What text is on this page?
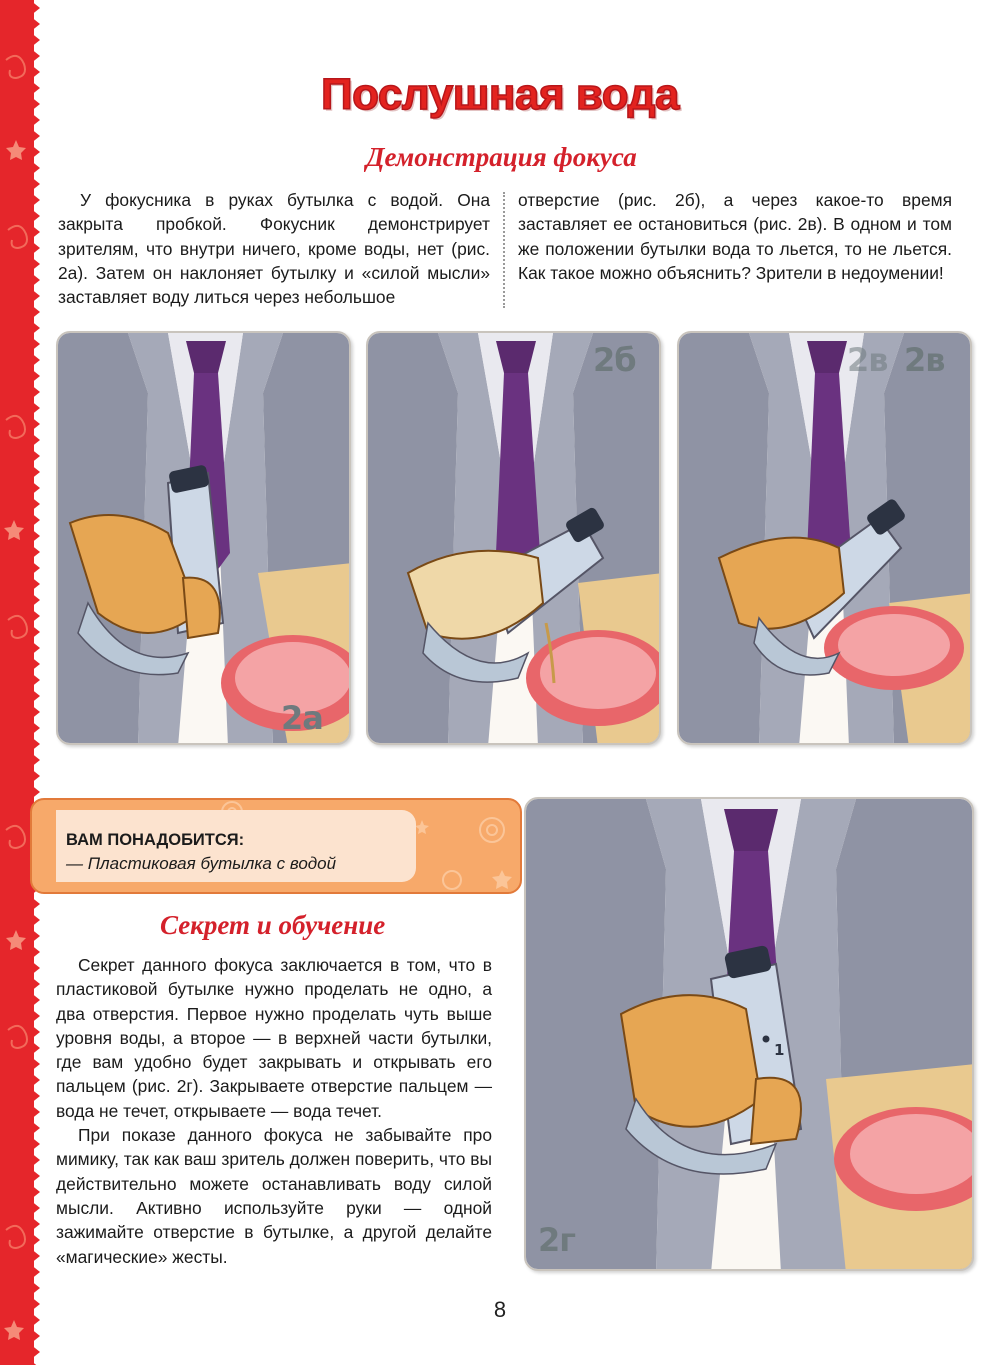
Послушная вода
Демонстрация фокуса

У фокусника в руках бутылка с водой. Она закрыта пробкой. Фокусник демонстрирует зрителям, что внутри ничего, кроме воды, нет (рис. 2а). Затем он наклоняет бутылку и «силой мысли» заставляет воду литься через небольшое

отверстие (рис. 2б), а через какое-то время заставляет ее остановиться (рис. 2в). В одном и том же положении бутылки вода то льется, то не льется. Как такое можно объяснить? Зрители в недоумении!

2а
2б	2в 2в
ВАМ ПОНАДОБИТСЯ:
— Пластиковая бутылка с водой
1
2г
Секрет и обучение

Секрет данного фокуса заключается в том, что в пластиковой бутылке нужно проделать не одно, а два отверстия. Первое нужно проделать чуть выше уровня воды, а второе — в верхней части бутылки, где вам удобно будет закрывать и открывать его пальцем (рис. 2г). Закрываете отверстие пальцем — вода не течет, открываете — вода течет.

При показе данного фокуса не забывайте про мимику, так как ваш зритель должен поверить, что вы действительно можете останавливать воду силой мысли. Активно используйте руки — одной зажимайте отверстие в бутылке, а другой делайте «магические» жесты.

8
